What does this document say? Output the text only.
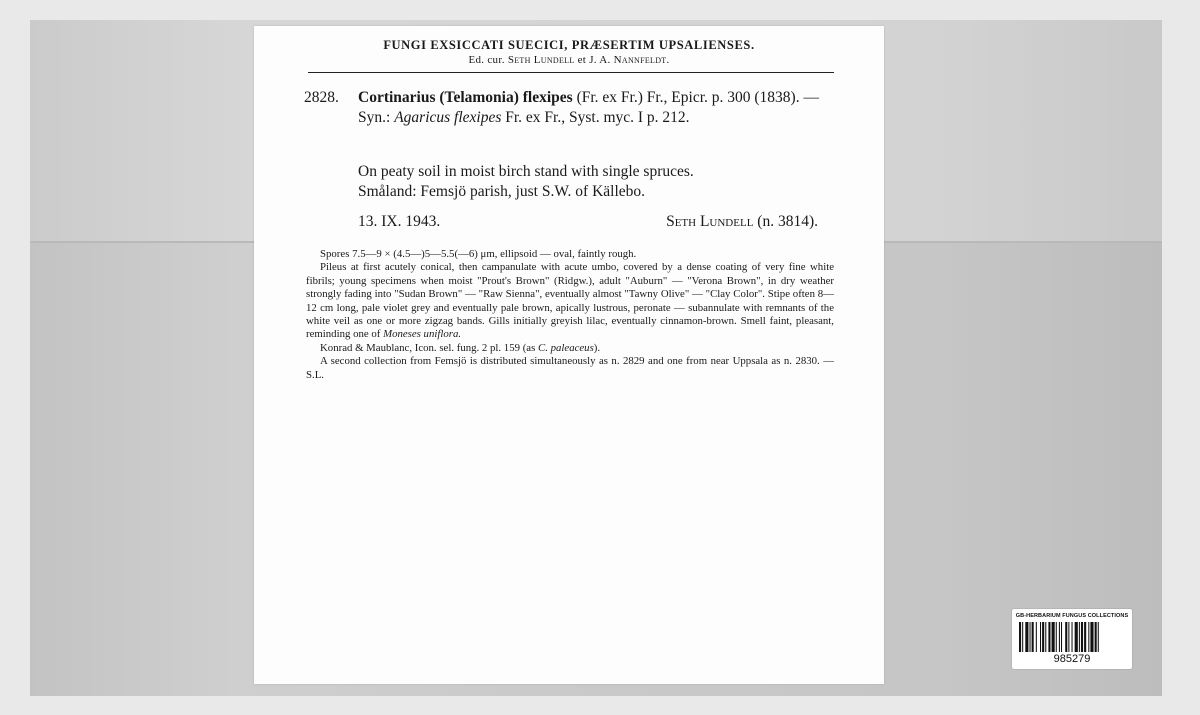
FUNGI EXSICCATI SUECICI, PRÆSERTIM UPSALIENSES.
Ed. cur. Seth Lundell et J. A. Nannfeldt.
2828. Cortinarius (Telamonia) flexipes (Fr. ex Fr.) Fr., Epicr. p. 300 (1838). — Syn.: Agaricus flexipes Fr. ex Fr., Syst. myc. I p. 212.
On peaty soil in moist birch stand with single spruces.
Småland: Femsjö parish, just S.W. of Källebo.
13. IX. 1943.	Seth Lundell (n. 3814).

Spores 7.5—9 × (4.5—)5—5.5(—6) μm, ellipsoid — oval, faintly rough.

Pileus at first acutely conical, then campanulate with acute umbo, covered by a dense coating of very fine white fibrils; young specimens when moist "Prout's Brown" (Ridgw.), adult "Auburn" — "Verona Brown", in dry weather strongly fading into "Sudan Brown" — "Raw Sienna", eventually almost "Tawny Olive" — "Clay Color". Stipe often 8—12 cm long, pale violet grey and eventually pale brown, apically lustrous, peronate — subannulate with remnants of the white veil as one or more zigzag bands. Gills initially greyish lilac, eventually cinnamon-brown. Smell faint, pleasant, reminding one of Moneses uniflora.

Konrad & Maublanc, Icon. sel. fung. 2 pl. 159 (as C. paleaceus).

A second collection from Femsjö is distributed simultaneously as n. 2829 and one from near Uppsala as n. 2830. — S.L.

GB-HERBARIUM FUNGUS COLLECTIONS
985279
